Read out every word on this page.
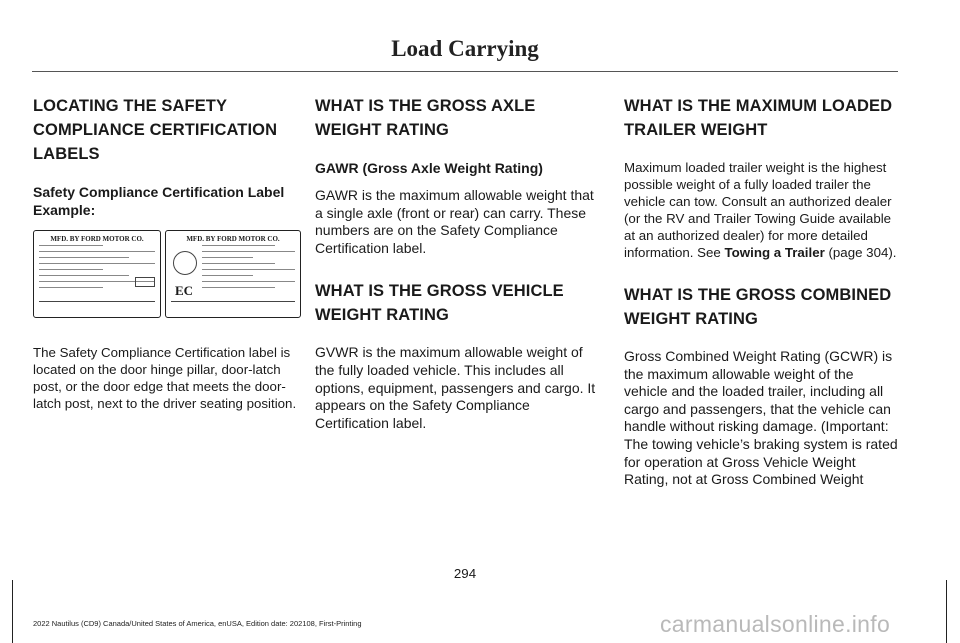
Load Carrying
LOCATING THE SAFETY
COMPLIANCE CERTIFICATION
LABELS
Safety Compliance Certification Label Example:
MFD. BY FORD MOTOR CO.	MFD. BY FORD MOTOR CO.
EC

The Safety Compliance Certification label is located on the door hinge pillar, door-latch post, or the door edge that meets the door-latch post, next to the driver seating position.

WHAT IS THE GROSS AXLE
WEIGHT RATING
GAWR (Gross Axle Weight Rating)

GAWR is the maximum allowable weight that a single axle (front or rear) can carry. These numbers are on the Safety Compliance Certification label.

WHAT IS THE GROSS VEHICLE
WEIGHT RATING

GVWR is the maximum allowable weight of the fully loaded vehicle. This includes all options, equipment, passengers and cargo. It appears on the Safety Compliance Certification label.

WHAT IS THE MAXIMUM LOADED
TRAILER WEIGHT

Maximum loaded trailer weight is the highest possible weight of a fully loaded trailer the vehicle can tow. Consult an authorized dealer (or the RV and Trailer Towing Guide available at an authorized dealer) for more detailed information. See Towing a Trailer (page 304).

WHAT IS THE GROSS COMBINED
WEIGHT RATING

Gross Combined Weight Rating (GCWR) is the maximum allowable weight of the vehicle and the loaded trailer, including all cargo and passengers, that the vehicle can handle without risking damage. (Important: The towing vehicle’s braking system is rated for operation at Gross Vehicle Weight Rating, not at Gross Combined Weight

294
2022 Nautilus (CD9) Canada/United States of America, enUSA, Edition date: 202108, First-Printing	carmanualsonline.info
